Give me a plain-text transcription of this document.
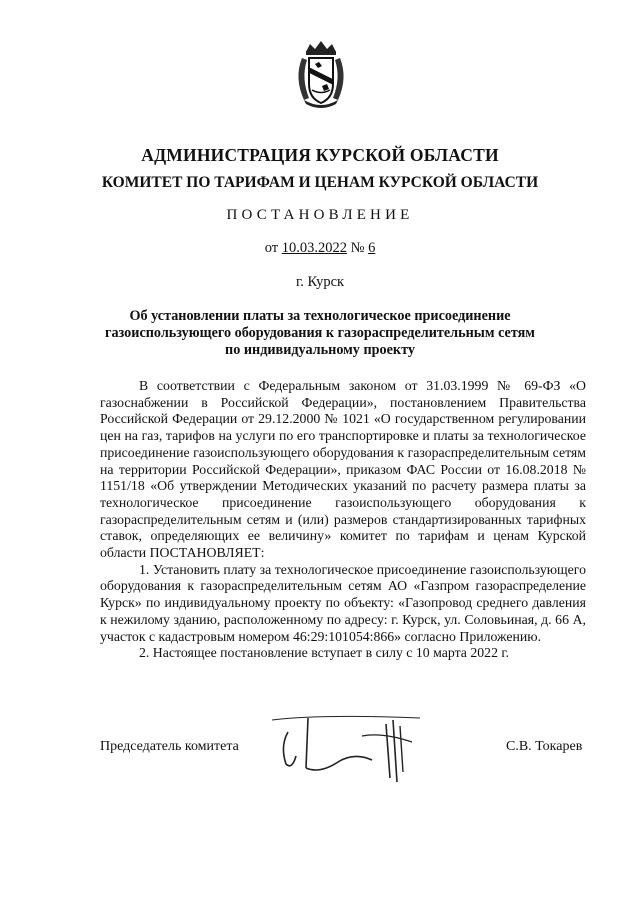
АДМИНИСТРАЦИЯ КУРСКОЙ ОБЛАСТИ
КОМИТЕТ ПО ТАРИФАМ И ЦЕНАМ КУРСКОЙ ОБЛАСТИ
ПОСТАНОВЛЕНИЕ
от 10.03.2022 № 6
г. Курск
Об установлении платы за технологическое присоединение
газоиспользующего оборудования к газораспределительным сетям
по индивидуальному проекту

В соответствии с Федеральным законом от 31.03.1999 № 69-ФЗ «О газоснабжении в Российской Федерации», постановлением Правительства Российской Федерации от 29.12.2000 № 1021 «О государственном регулировании цен на газ, тарифов на услуги по его транспортировке и платы за технологическое присоединение газоиспользующего оборудования к газораспределительным сетям на территории Российской Федерации», приказом ФАС России от 16.08.2018 № 1151/18 «Об утверждении Методических указаний по расчету размера платы за технологическое присоединение газоиспользующего оборудования к газораспределительным сетям и (или) размеров стандартизированных тарифных ставок, определяющих ее величину» комитет по тарифам и ценам Курской области ПОСТАНОВЛЯЕТ:

1. Установить плату за технологическое присоединение газоиспользующего оборудования к газораспределительным сетям АО «Газпром газораспределение Курск» по индивидуальному проекту по объекту: «Газопровод среднего давления к нежилому зданию, расположенному по адресу: г. Курск, ул. Соловьиная, д. 66 А, участок с кадастровым номером 46:29:101054:866» согласно Приложению.

2. Настоящее постановление вступает в силу с 10 марта 2022 г.

Председатель комитета	С.В. Токарев
